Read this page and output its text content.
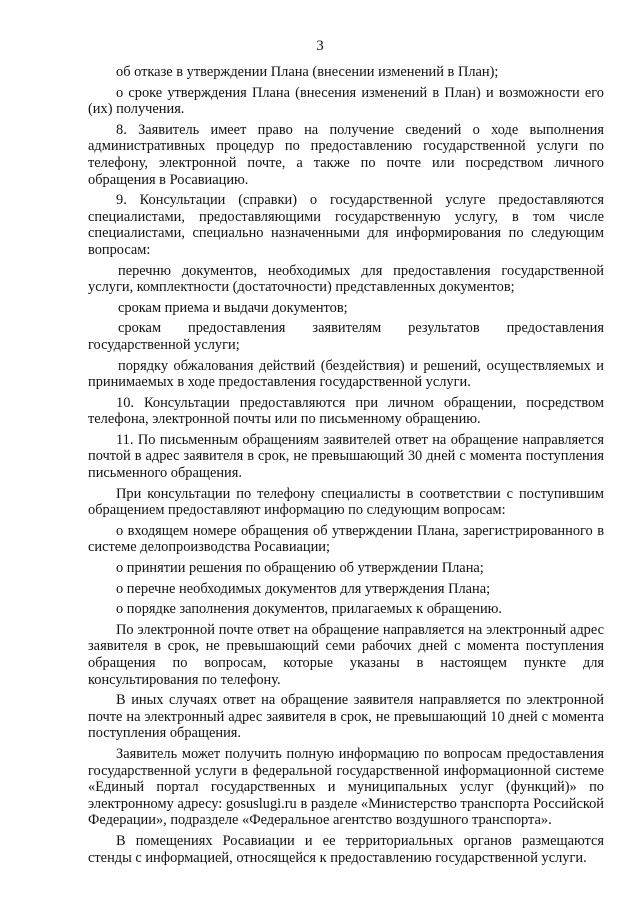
3

об отказе в утверждении Плана (внесении изменений в План);

о сроке утверждения Плана (внесения изменений в План) и возможности его (их) получения.

8. Заявитель имеет право на получение сведений о ходе выполнения административных процедур по предоставлению государственной услуги по телефону, электронной почте, а также по почте или посредством личного обращения в Росавиацию.

9. Консультации (справки) о государственной услуге предоставляются специалистами, предоставляющими государственную услугу, в том числе специалистами, специально назначенными для информирования по следующим вопросам:

перечню документов, необходимых для предоставления государственной услуги, комплектности (достаточности) представленных документов;

срокам приема и выдачи документов;

срокам предоставления заявителям результатов предоставления государственной услуги;

порядку обжалования действий (бездействия) и решений, осуществляемых и принимаемых в ходе предоставления государственной услуги.

10. Консультации предоставляются при личном обращении, посредством телефона, электронной почты или по письменному обращению.

11. По письменным обращениям заявителей ответ на обращение направляется почтой в адрес заявителя в срок, не превышающий 30 дней с момента поступления письменного обращения.

При консультации по телефону специалисты в соответствии с поступившим обращением предоставляют информацию по следующим вопросам:

о входящем номере обращения об утверждении Плана, зарегистрированного в системе делопроизводства Росавиации;

о принятии решения по обращению об утверждении Плана;

о перечне необходимых документов для утверждения Плана;

о порядке заполнения документов, прилагаемых к обращению.

По электронной почте ответ на обращение направляется на электронный адрес заявителя в срок, не превышающий семи рабочих дней с момента поступления обращения по вопросам, которые указаны в настоящем пункте для консультирования по телефону.

В иных случаях ответ на обращение заявителя направляется по электронной почте на электронный адрес заявителя в срок, не превышающий 10 дней с момента поступления обращения.

Заявитель может получить полную информацию по вопросам предоставления государственной услуги в федеральной государственной информационной системе «Единый портал государственных и муниципальных услуг (функций)» по электронному адресу: gosuslugi.ru в разделе «Министерство транспорта Российской Федерации», подразделе «Федеральное агентство воздушного транспорта».

В помещениях Росавиации и ее территориальных органов размещаются стенды с информацией, относящейся к предоставлению государственной услуги.
